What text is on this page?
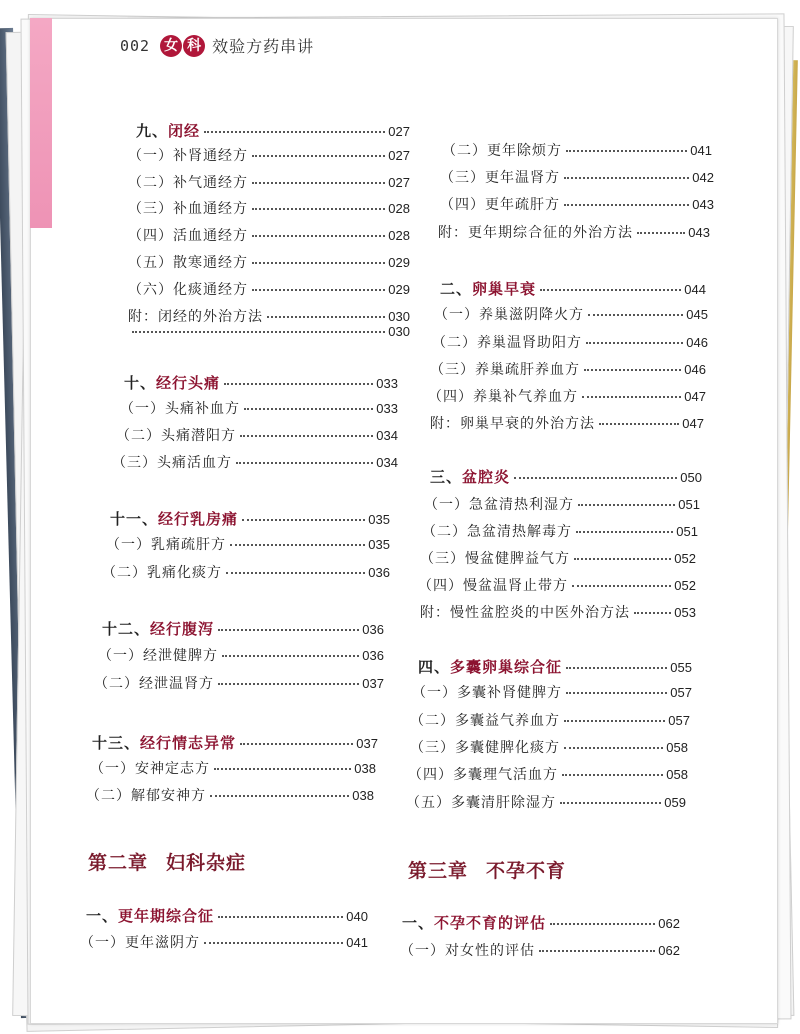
002 女 科 效验方药串讲
九、闭经	027
（一）补肾通经方	027
（二）补气通经方	027
（三）补血通经方	028
（四）活血通经方	028
（五）散寒通经方	029
（六）化痰通经方	029
附：闭经的外治方法	030
030
十、经行头痛	033
（一）头痛补血方	033
（二）头痛潜阳方	034
（三）头痛活血方	034
十一、经行乳房痛	035
（一）乳痛疏肝方	035
（二）乳痛化痰方	036
十二、经行腹泻	036
（一）经泄健脾方	036
（二）经泄温肾方	037
十三、经行情志异常	037
（一）安神定志方	038
（二）解郁安神方	038
第二章 妇科杂症
一、更年期综合征	040
（一）更年滋阴方	041
（二）更年除烦方	041
（三）更年温肾方	042
（四）更年疏肝方	043
附：更年期综合征的外治方法	043
二、卵巢早衰	044
（一）养巢滋阴降火方	045
（二）养巢温肾助阳方	046
（三）养巢疏肝养血方	046
（四）养巢补气养血方	047
附：卵巢早衰的外治方法	047
三、盆腔炎	050
（一）急盆清热利湿方	051
（二）急盆清热解毒方	051
（三）慢盆健脾益气方	052
（四）慢盆温肾止带方	052
附：慢性盆腔炎的中医外治方法	053
四、多囊卵巢综合征	055
（一）多囊补肾健脾方	057
（二）多囊益气养血方	057
（三）多囊健脾化痰方	058
（四）多囊理气活血方	058
（五）多囊清肝除湿方	059
第三章 不孕不育
一、不孕不育的评估	062
（一）对女性的评估	062
